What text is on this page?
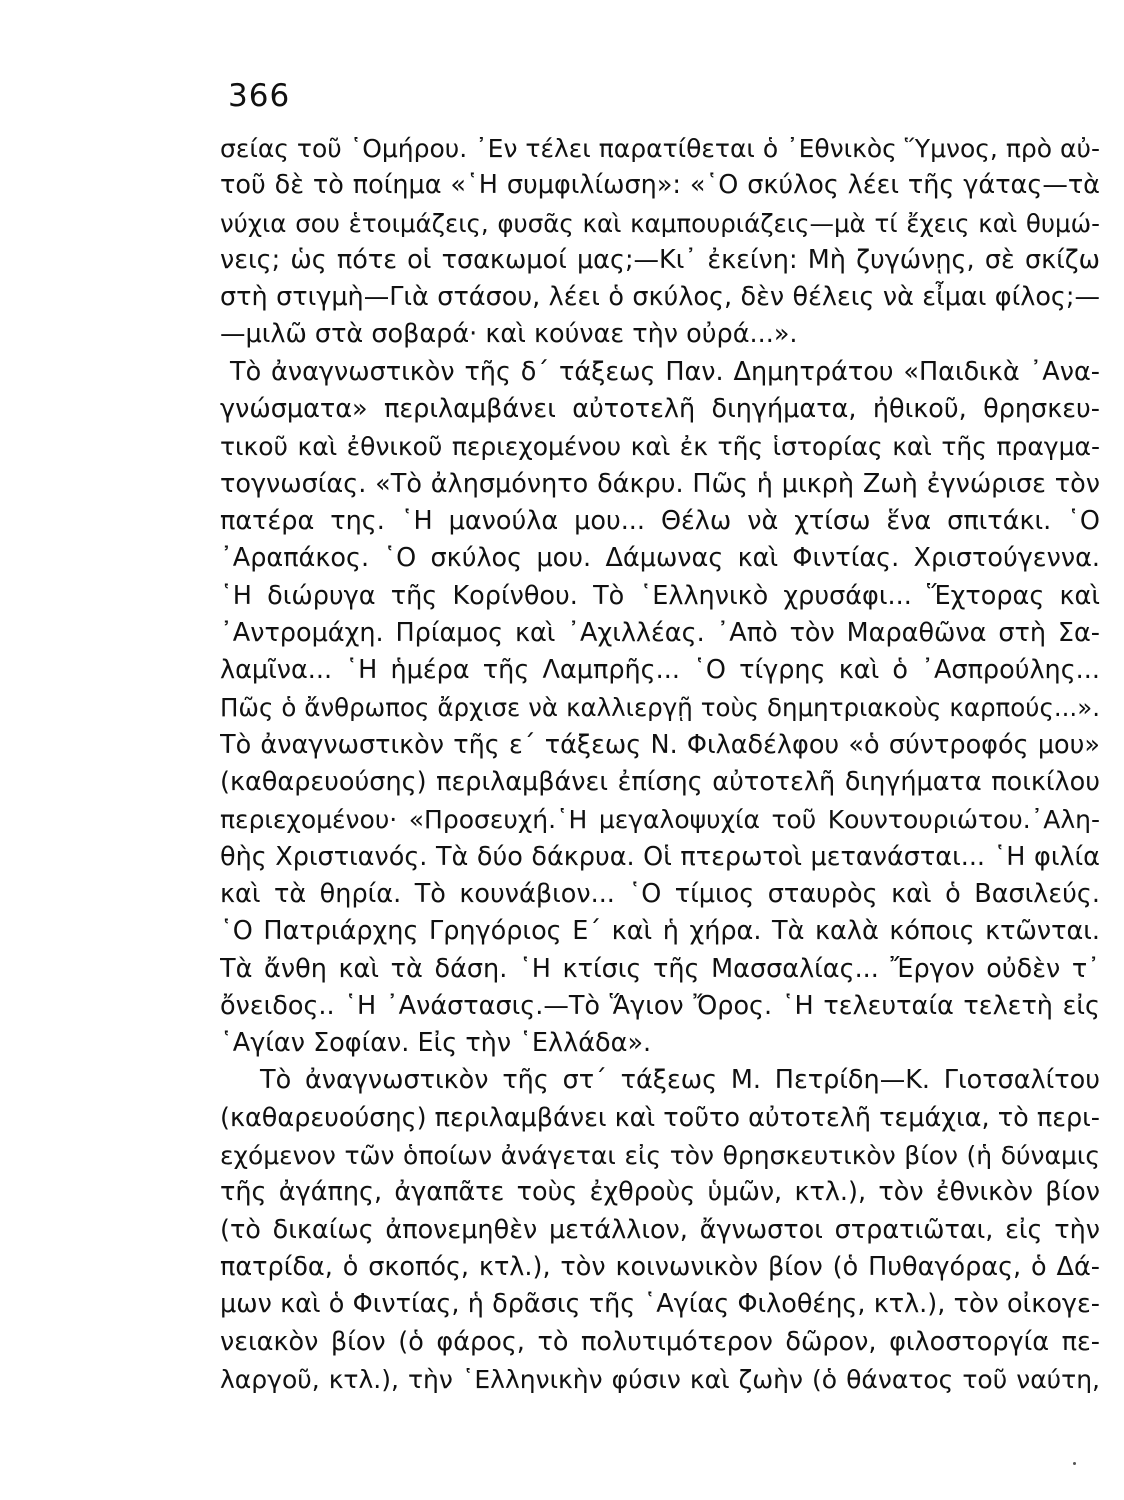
366
σείας τοῦ ῾Ομήρου. ᾿Εν τέλει παρατίθεται ὁ ᾿Εθνικὸς Ὕμνος, πρὸ αὐ-
τοῦ δὲ τὸ ποίημα «῾Η συμφιλίωση»: «῾Ο σκύλος λέει τῆς γάτας—τὰ
νύχια σου ἑτοιμάζεις, φυσᾶς καὶ καμπουριάζεις—μὰ τί ἔχεις καὶ θυμώ-
νεις; ὡς πότε οἱ τσακωμοί μας;—Κι᾿ ἐκείνη: Μὴ ζυγώνῃς, σὲ σκίζω
στὴ στιγμὴ—Γιὰ στάσου, λέει ὁ σκύλος, δὲν θέλεις νὰ εἶμαι φίλος;—
—μιλῶ στὰ σοβαρά· καὶ κούναε τὴν οὐρά...».
Τὸ ἀναγνωστικὸν τῆς δ΄ τάξεως Παν. Δημητράτου «Παιδικὰ ᾿Ανα-
γνώσματα» περιλαμβάνει αὐτοτελῆ διηγήματα, ἠθικοῦ, θρησκευ-
τικοῦ καὶ ἐθνικοῦ περιεχομένου καὶ ἐκ τῆς ἱστορίας καὶ τῆς πραγμα-
τογνωσίας. «Τὸ ἀλησμόνητο δάκρυ. Πῶς ἡ μικρὴ Ζωὴ ἐγνώρισε τὸν
πατέρα της. ῾Η μανούλα μου... Θέλω νὰ χτίσω ἕνα σπιτάκι. ῾Ο
᾿Αραπάκος. ῾Ο σκύλος μου. Δάμωνας καὶ Φιντίας. Χριστούγεννα.
῾Η διώρυγα τῆς Κορίνθου. Τὸ ῾Ελληνικὸ χρυσάφι... Ἕχτορας καὶ
᾿Αντρομάχη. Πρίαμος καὶ ᾿Αχιλλέας. ᾿Απὸ τὸν Μαραθῶνα στὴ Σα-
λαμῖνα... ῾Η ἡμέρα τῆς Λαμπρῆς... ῾Ο τίγρης καὶ ὁ ᾿Ασπρούλης...
Πῶς ὁ ἄνθρωπος ἄρχισε νὰ καλλιεργῇ τοὺς δημητριακοὺς καρπούς...».
Τὸ ἀναγνωστικὸν τῆς ε΄ τάξεως Ν. Φιλαδέλφου «ὁ σύντροφός μου»
(καθαρευούσης) περιλαμβάνει ἐπίσης αὐτοτελῆ διηγήματα ποικίλου
περιεχομένου· «Προσευχή.῾Η μεγαλοψυχία τοῦ Κουντουριώτου.᾿Αλη-
θὴς Χριστιανός. Τὰ δύο δάκρυα. Οἱ πτερωτοὶ μετανάσται... ῾Η φιλία
καὶ τὰ θηρία. Τὸ κουνάβιον... ῾Ο τίμιος σταυρὸς καὶ ὁ Βασιλεύς.
῾Ο Πατριάρχης Γρηγόριος Ε΄ καὶ ἡ χήρα. Τὰ καλὰ κόποις κτῶνται.
Τὰ ἄνθη καὶ τὰ δάση. ῾Η κτίσις τῆς Μασσαλίας... Ἔργον οὐδὲν τ᾿
ὄνειδος.. ῾Η ᾿Ανάστασις.—Τὸ Ἅγιον Ὄρος. ῾Η τελευταία τελετὴ εἰς
῾Αγίαν Σοφίαν. Εἰς τὴν ῾Ελλάδα».
Τὸ ἀναγνωστικὸν τῆς στ΄ τάξεως Μ. Πετρίδη—Κ. Γιοτσαλίτου
(καθαρευούσης) περιλαμβάνει καὶ τοῦτο αὐτοτελῆ τεμάχια, τὸ περι-
εχόμενον τῶν ὁποίων ἀνάγεται εἰς τὸν θρησκευτικὸν βίον (ἡ δύναμις
τῆς ἀγάπης, ἀγαπᾶτε τοὺς ἐχθροὺς ὑμῶν, κτλ.), τὸν ἐθνικὸν βίον
(τὸ δικαίως ἀπονεμηθὲν μετάλλιον, ἄγνωστοι στρατιῶται, εἰς τὴν
πατρίδα, ὁ σκοπός, κτλ.), τὸν κοινωνικὸν βίον (ὁ Πυθαγόρας, ὁ Δά-
μων καὶ ὁ Φιντίας, ἡ δρᾶσις τῆς ῾Αγίας Φιλοθέης, κτλ.), τὸν οἰκογε-
νειακὸν βίον (ὁ φάρος, τὸ πολυτιμότερον δῶρον, φιλοστοργία πε-
λαργοῦ, κτλ.), τὴν ῾Ελληνικὴν φύσιν καὶ ζωὴν (ὁ θάνατος τοῦ ναύτη,
